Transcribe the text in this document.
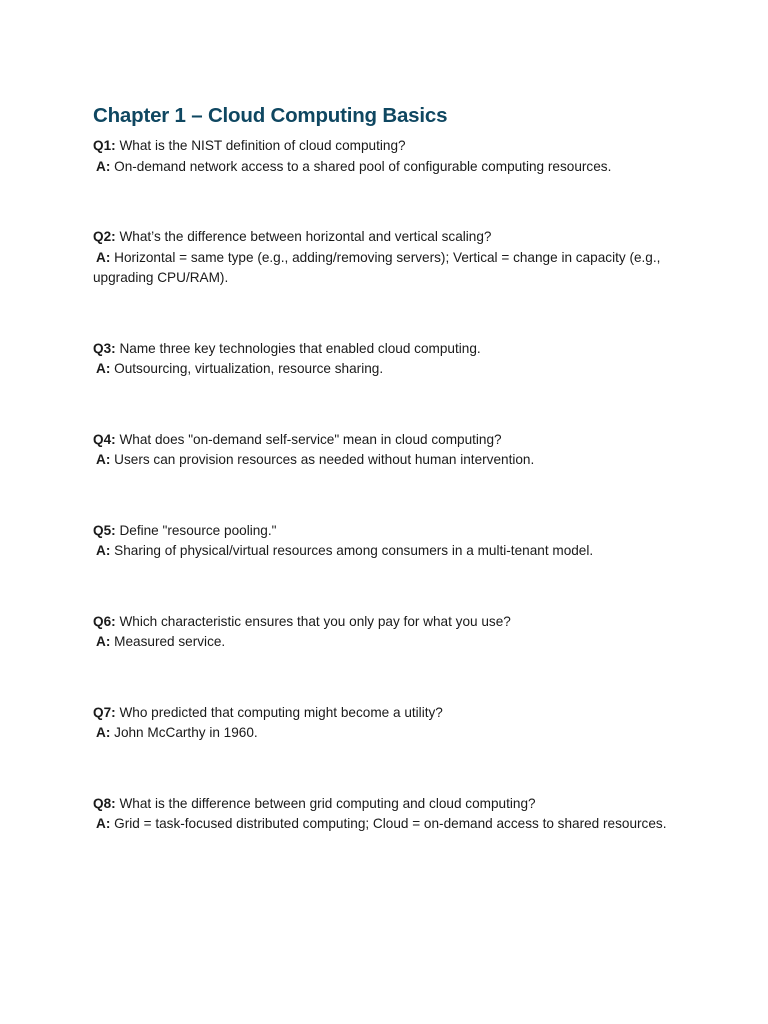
Chapter 1 – Cloud Computing Basics

Q1: What is the NIST definition of cloud computing?

A: On-demand network access to a shared pool of configurable computing resources.

Q2: What’s the difference between horizontal and vertical scaling?

A: Horizontal = same type (e.g., adding/removing servers); Vertical = change in capacity (e.g., upgrading CPU/RAM).

Q3: Name three key technologies that enabled cloud computing.

A: Outsourcing, virtualization, resource sharing.

Q4: What does "on-demand self-service" mean in cloud computing?

A: Users can provision resources as needed without human intervention.

Q5: Define "resource pooling."

A: Sharing of physical/virtual resources among consumers in a multi-tenant model.

Q6: Which characteristic ensures that you only pay for what you use?

A: Measured service.

Q7: Who predicted that computing might become a utility?

A: John McCarthy in 1960.

Q8: What is the difference between grid computing and cloud computing?

A: Grid = task-focused distributed computing; Cloud = on-demand access to shared resources.
